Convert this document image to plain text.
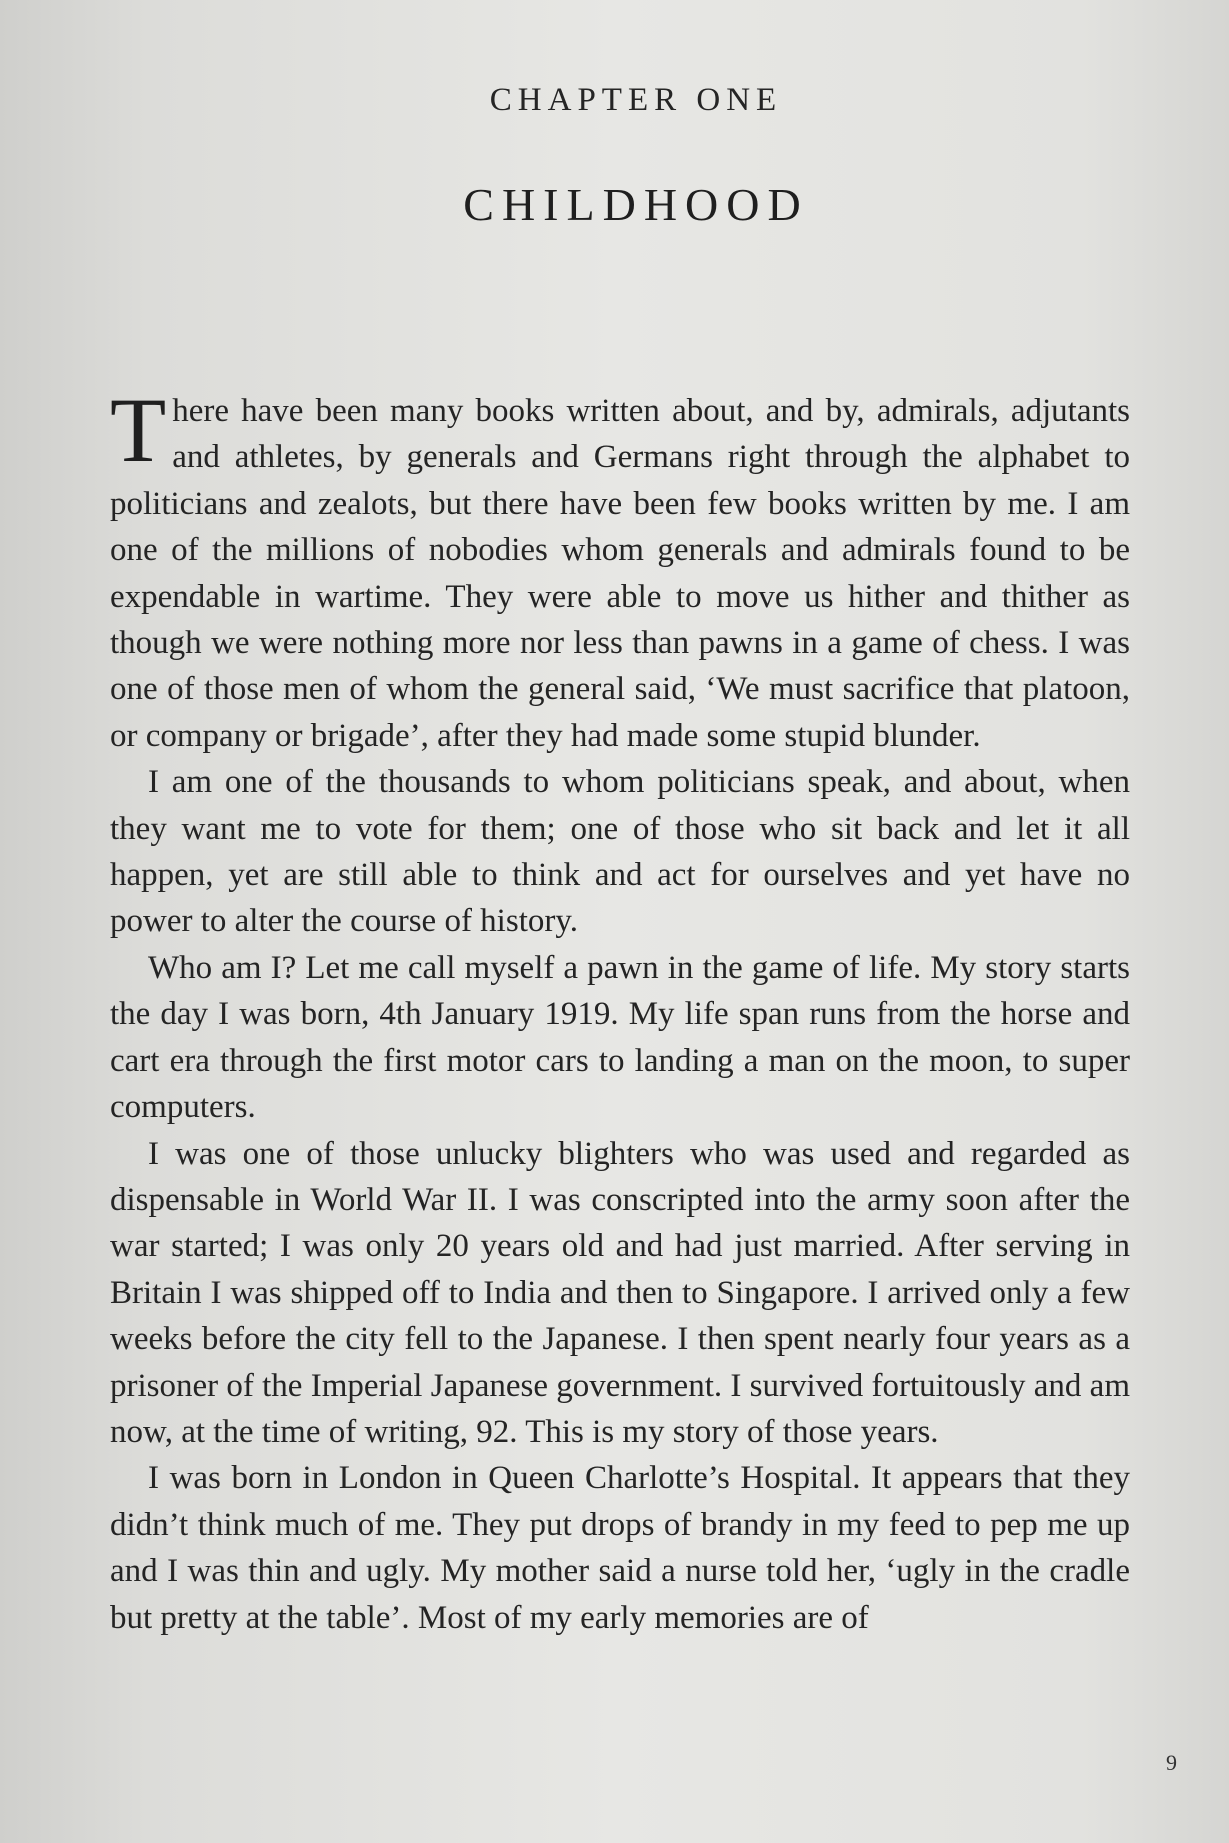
CHAPTER ONE
CHILDHOOD

There have been many books written about, and by, admirals, adjutants and athletes, by generals and Germans right through the alphabet to politicians and zealots, but there have been few books written by me. I am one of the millions of nobodies whom generals and admirals found to be expendable in wartime. They were able to move us hither and thither as though we were nothing more nor less than pawns in a game of chess. I was one of those men of whom the general said, ‘We must sacrifice that platoon, or company or brigade’, after they had made some stupid blunder.

I am one of the thousands to whom politicians speak, and about, when they want me to vote for them; one of those who sit back and let it all happen, yet are still able to think and act for ourselves and yet have no power to alter the course of history.

Who am I? Let me call myself a pawn in the game of life. My story starts the day I was born, 4th January 1919. My life span runs from the horse and cart era through the first motor cars to landing a man on the moon, to super computers.

I was one of those unlucky blighters who was used and regarded as dispensable in World War II. I was conscripted into the army soon after the war started; I was only 20 years old and had just married. After serving in Britain I was shipped off to India and then to Singapore. I arrived only a few weeks before the city fell to the Japanese. I then spent nearly four years as a prisoner of the Imperial Japanese government. I survived fortuitously and am now, at the time of writing, 92. This is my story of those years.

I was born in London in Queen Charlotte’s Hospital. It appears that they didn’t think much of me. They put drops of brandy in my feed to pep me up and I was thin and ugly. My mother said a nurse told her, ‘ugly in the cradle but pretty at the table’. Most of my early memories are of

9
